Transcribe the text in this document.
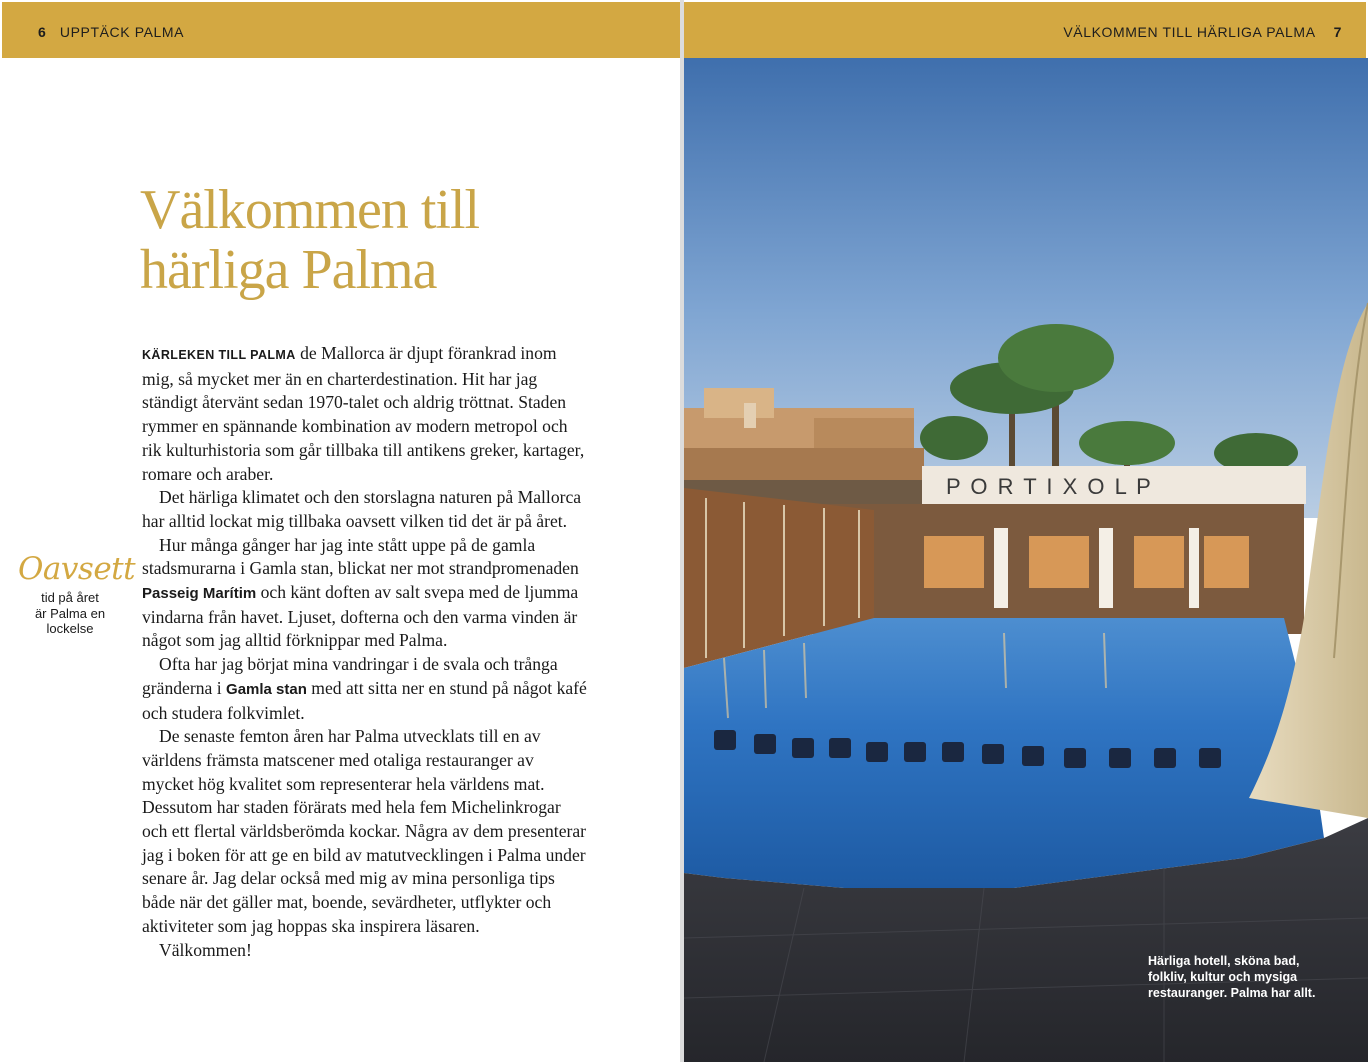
6 UPPTÄCK PALMA
Välkommen till
härliga Palma
Oavsett
tid på året
är Palma en
lockelse

KÄRLEKEN TILL PALMA de Mallorca är djupt förankrad inom mig, så mycket mer än en charterdestination. Hit har jag ständigt återvänt sedan 1970-talet och aldrig tröttnat. Staden rymmer en spännande kombination av modern metropol och rik kulturhistoria som går tillbaka till antikens greker, kartager, romare och araber.

Det härliga klimatet och den storslagna naturen på Mallorca har alltid lockat mig tillbaka oavsett vilken tid det är på året.

Hur många gånger har jag inte stått uppe på de gamla stadsmurarna i Gamla stan, blickat ner mot strandpromenaden Passeig Marítim och känt doften av salt svepa med de ljumma vindarna från havet. Ljuset, dofterna och den varma vinden är något som jag alltid förknippar med Palma.

Ofta har jag börjat mina vandringar i de svala och trånga gränderna i Gamla stan med att sitta ner en stund på något kafé och studera folkvimlet.

De senaste femton åren har Palma utvecklats till en av världens främsta matscener med otaliga restauranger av mycket hög kvalitet som representerar hela världens mat. Dessutom har staden förärats med hela fem Michelinkrogar och ett flertal världsberömda kockar. Några av dem presenterar jag i boken för att ge en bild av matutvecklingen i Palma under senare år. Jag delar också med mig av mina personliga tips både när det gäller mat, boende, sevärdheter, utflykter och aktiviteter som jag hoppas ska inspirera läsaren.

Välkommen!

VÄLKOMMEN TILL HÄRLIGA PALMA 7
P O R T I X O L P
Härliga hotell, sköna bad,
folkliv, kultur och mysiga
restauranger. Palma har allt.
